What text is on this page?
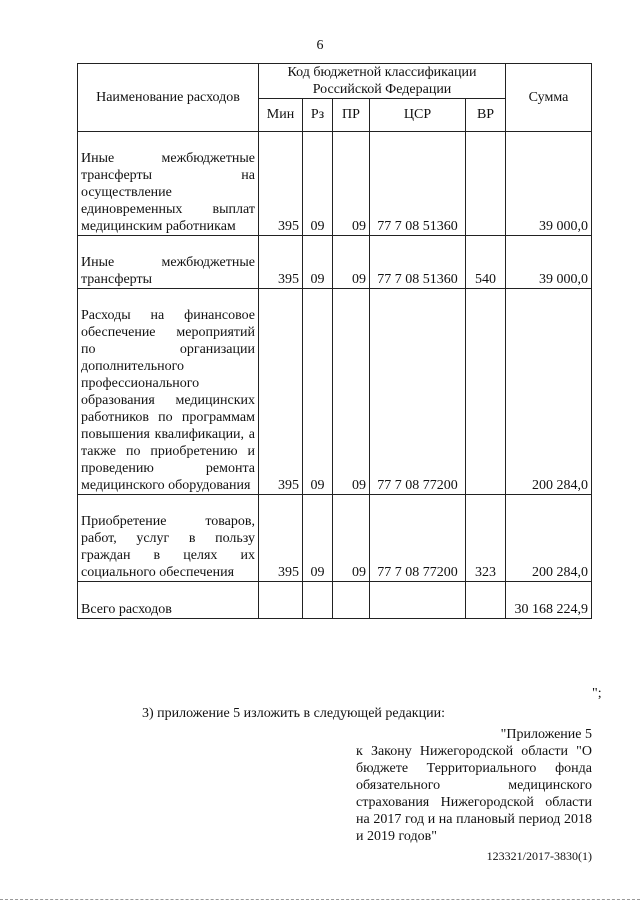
6
Наименование расходов	Код бюджетной классификации Российской Федерации					Сумма
	Мин	Рз	ПР	ЦСР	ВР	
Иные межбюджетные трансферты на осуществление единовременных выплат медицинским работникам	395	09	09	77 7 08 51360		39 000,0
Иные межбюджетные трансферты	395	09	09	77 7 08 51360	540	39 000,0
Расходы на финансовое обеспечение мероприятий по организации дополнительного профессионального образования медицинских работников по программам повышения квалификации, а также по приобретению и проведению ремонта медицинского оборудования	395	09	09	77 7 08 77200		200 284,0
Приобретение товаров, работ, услуг в пользу граждан в целях их социального обеспечения	395	09	09	77 7 08 77200	323	200 284,0
Всего расходов						30 168 224,9
";
3) приложение 5 изложить в следующей редакции:
"Приложение 5
к Закону Нижегородской области "О бюджете Территориального фонда обязательного медицинского страхования Нижегородской области на 2017 год и на плановый период 2018 и 2019 годов"
123321/2017-3830(1)
